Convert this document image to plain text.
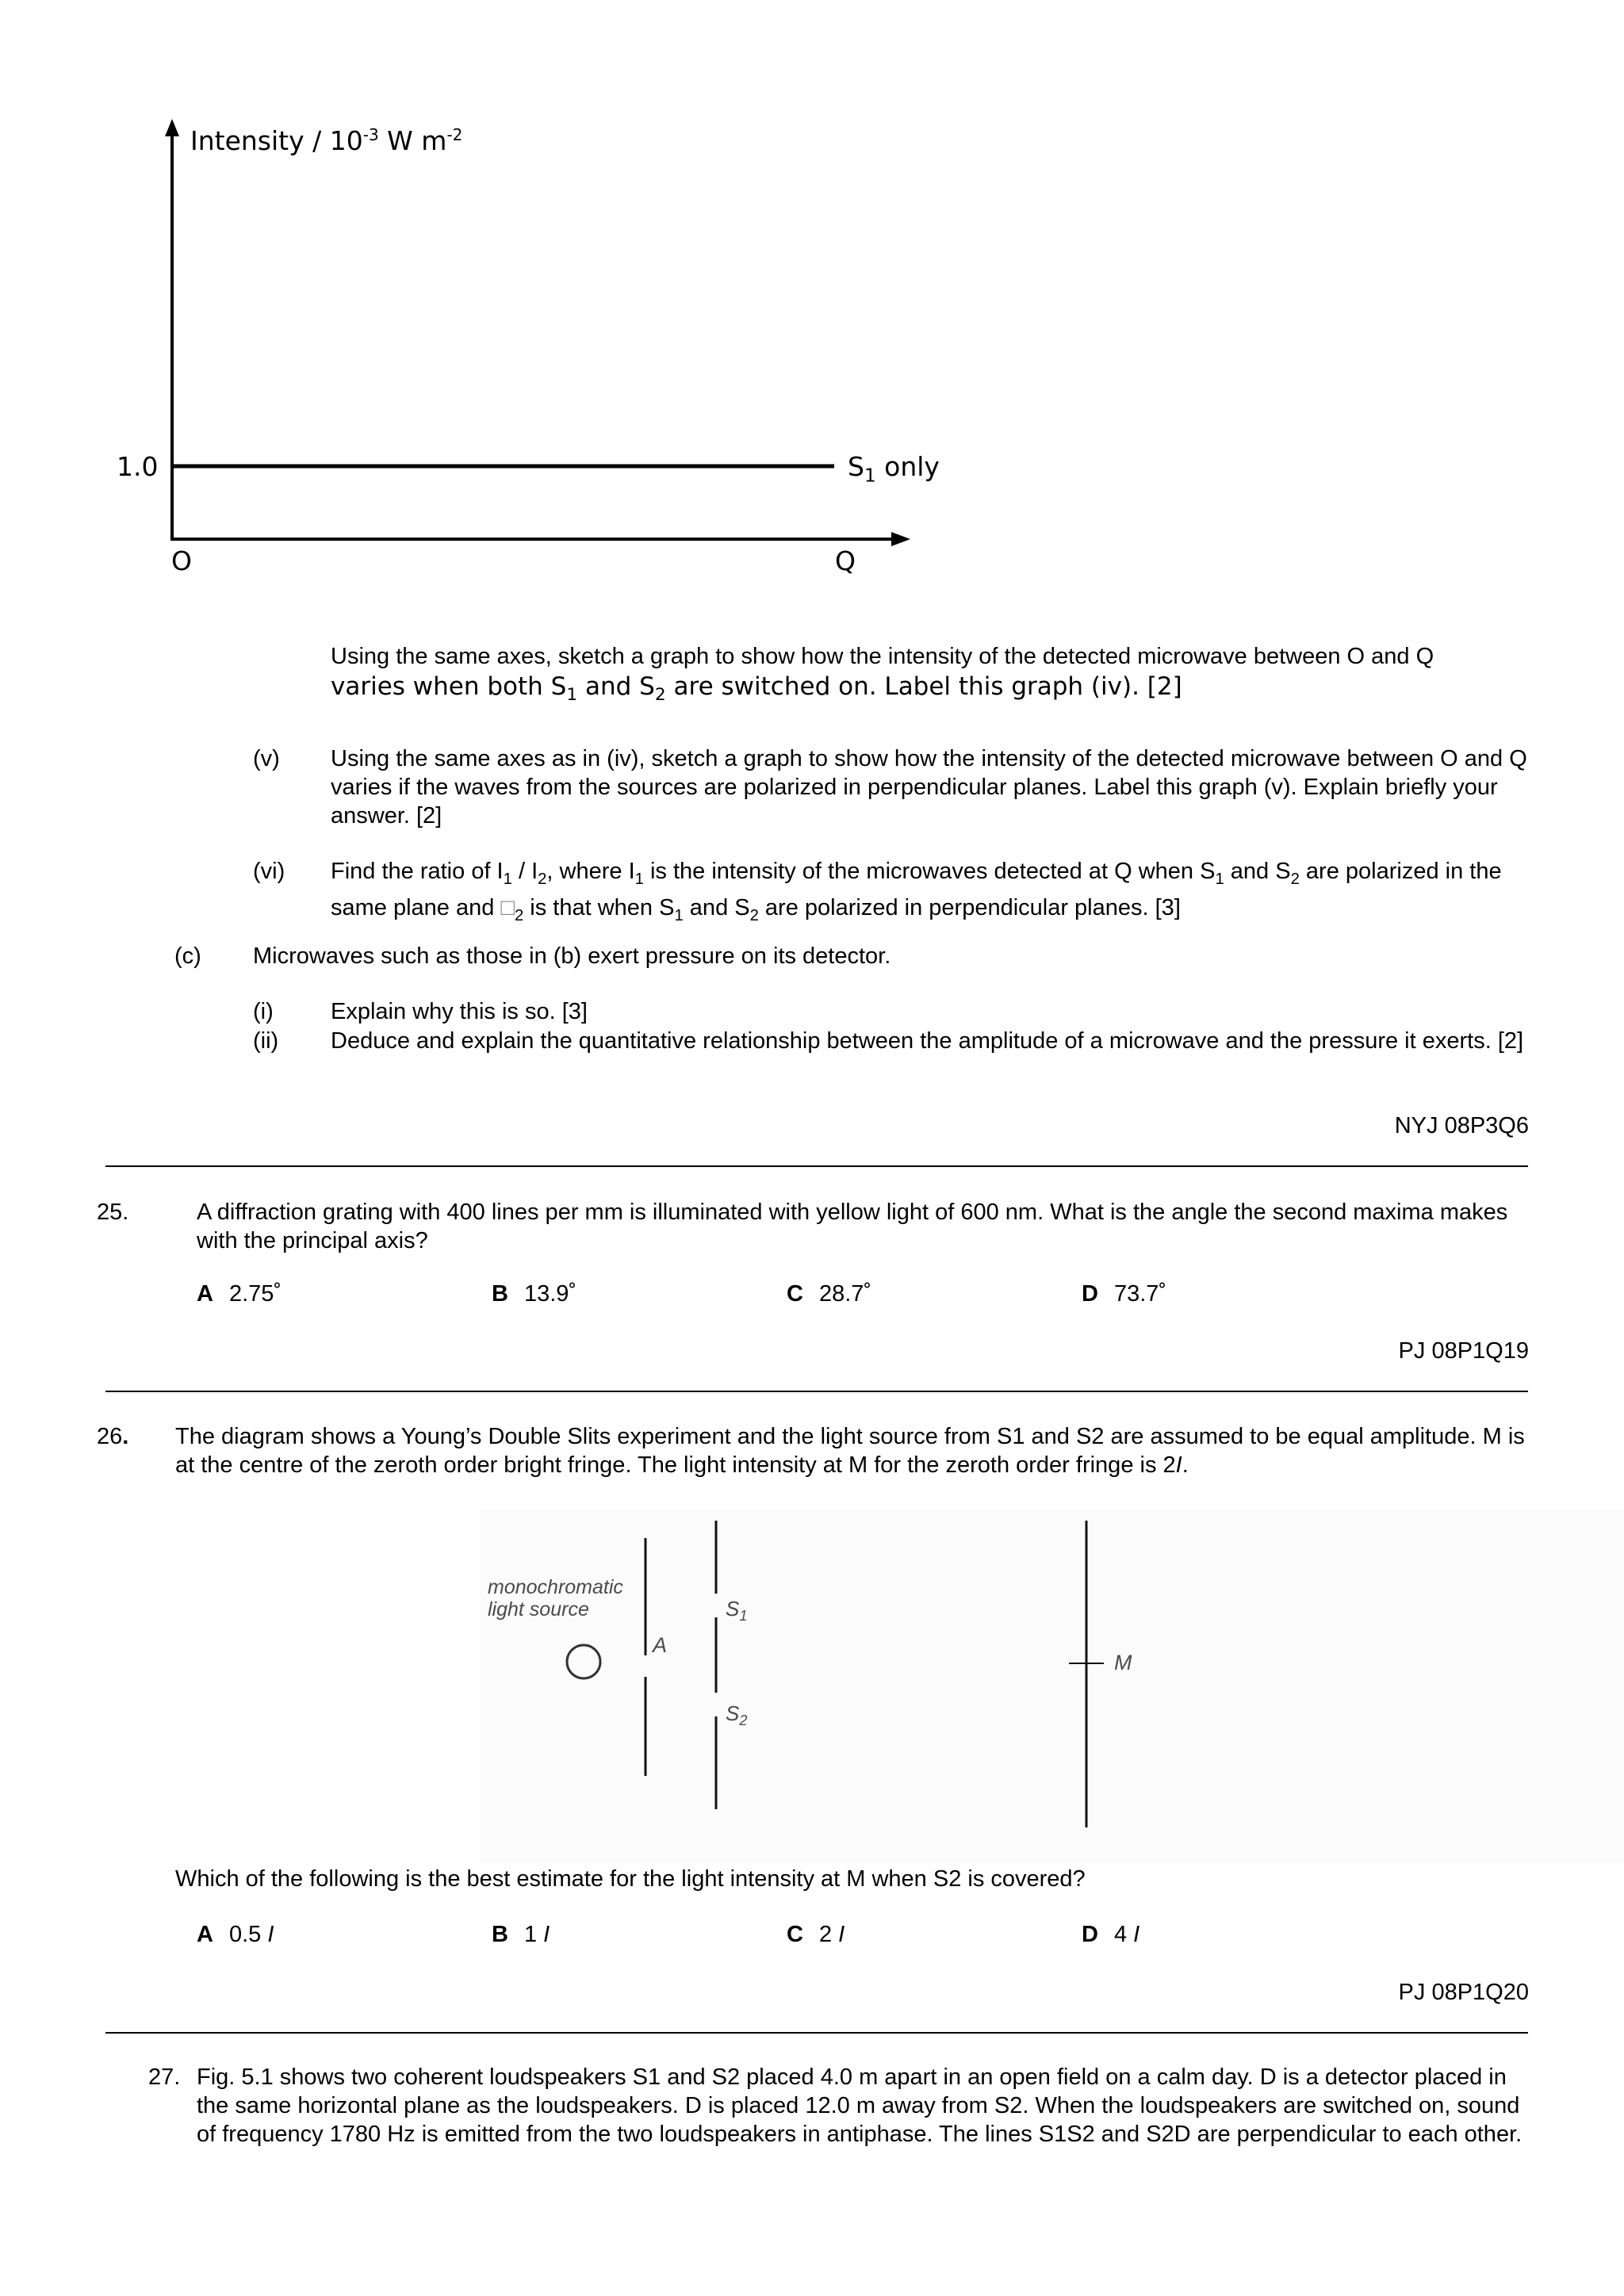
Intensity / $10^{-3}$ W $m^{-2}$
1.0
O	Q
$S_1$ only
Using the same axes, sketch a graph to show how the intensity of the detected microwave between O and Q
varies when both $S_1$ and $S_2$ are switched on. Label this graph (iv). [2]
(v) Using the same axes as in (iv), sketch a graph to show how the intensity of the detected microwave between O and Q varies if the waves from the sources are polarized in perpendicular planes. Label this graph (v). Explain briefly your answer. [2]
(vi) Find the ratio of $I_1 / I_2$, where $I_1$ is the intensity of the microwaves detected at Q when $S_1$ and $S_2$ are polarized in the same plane and $□_2$ is that when $S_1$ and $S_2$ are polarized in perpendicular planes. [3]
(c) Microwaves such as those in (b) exert pressure on its detector.
(i) Explain why this is so. [3]
(ii) Deduce and explain the quantitative relationship between the amplitude of a microwave and the pressure it exerts. [2]
NYJ 08P3Q6
25.	A diffraction grating with 400 lines per mm is illuminated with yellow light of 600 nm. What is the angle the second maxima makes with the principal axis?
A 2.75˚	B 13.9˚	C 28.7˚	D 73.7˚
PJ 08P1Q19
26. The diagram shows a Young’s Double Slits experiment and the light source from S1 and S2 are assumed to be equal amplitude. M is at the centre of the zeroth order bright fringe. The light intensity at M for the zeroth order fringe is 2I.
monochromatic
light source
A
$S_1$
$S_2$
M
Which of the following is the best estimate for the light intensity at M when S2 is covered?
A 0.5 I	B 1 I	C 2 I	D 4 I
PJ 08P1Q20
27. Fig. 5.1 shows two coherent loudspeakers S1 and S2 placed 4.0 m apart in an open field on a calm day. D is a detector placed in the same horizontal plane as the loudspeakers. D is placed 12.0 m away from S2. When the loudspeakers are switched on, sound of frequency 1780 Hz is emitted from the two loudspeakers in antiphase. The lines S1S2 and S2D are perpendicular to each other.
